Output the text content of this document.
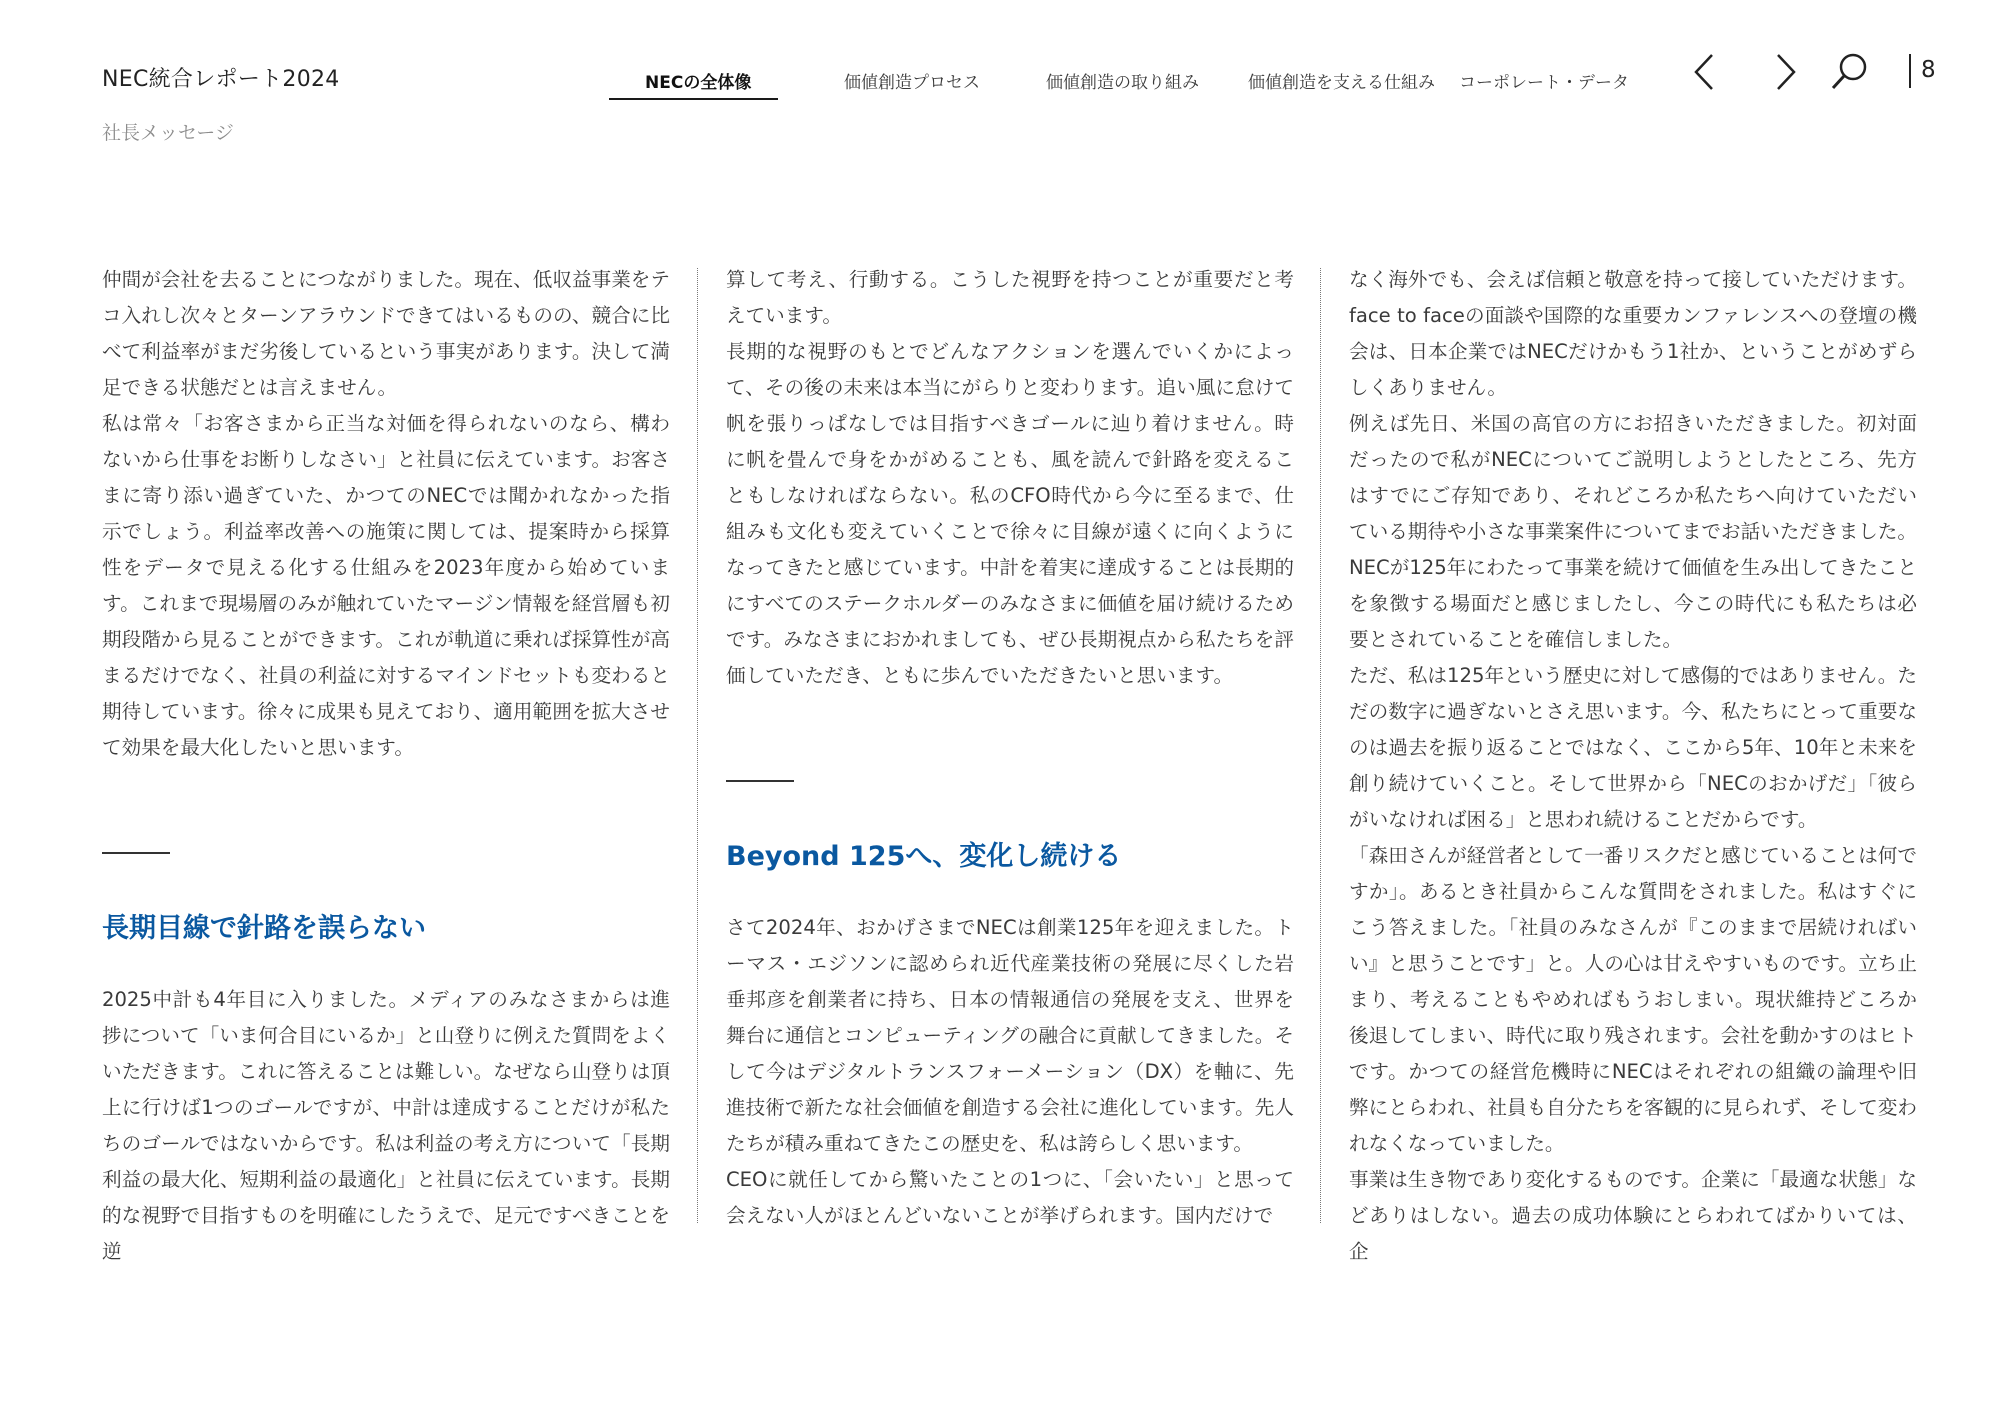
NEC統合レポート2024
社長メッセージ
NECの全体像	価値創造プロセス	価値創造の取り組み	価値創造を支える仕組み コーポレート・データ	8

仲間が会社を去ることにつながりました。現在、低収益事業をテコ入れし次々とターンアラウンドできてはいるものの、競合に比べて利益率がまだ劣後しているという事実があります。決して満足できる状態だとは言えません。

私は常々「お客さまから正当な対価を得られないのなら、構わないから仕事をお断りしなさい」と社員に伝えています。お客さまに寄り添い過ぎていた、かつてのNECでは聞かれなかった指示でしょう。利益率改善への施策に関しては、提案時から採算性をデータで見える化する仕組みを2023年度から始めています。これまで現場層のみが触れていたマージン情報を経営層も初期段階から見ることができます。これが軌道に乗れば採算性が高まるだけでなく、社員の利益に対するマインドセットも変わると期待しています。徐々に成果も見えており、適用範囲を拡大させて効果を最大化したいと思います。

長期目線で針路を誤らない

2025中計も4年目に入りました。メディアのみなさまからは進捗について「いま何合目にいるか」と山登りに例えた質問をよくいただきます。これに答えることは難しい。なぜなら山登りは頂上に行けば1つのゴールですが、中計は達成することだけが私たちのゴールではないからです。私は利益の考え方について「長期利益の最大化、短期利益の最適化」と社員に伝えています。長期的な視野で目指すものを明確にしたうえで、足元ですべきことを逆

算して考え、行動する。こうした視野を持つことが重要だと考えています。

長期的な視野のもとでどんなアクションを選んでいくかによって、その後の未来は本当にがらりと変わります。追い風に怠けて帆を張りっぱなしでは目指すべきゴールに辿り着けません。時に帆を畳んで身をかがめることも、風を読んで針路を変えることもしなければならない。私のCFO時代から今に至るまで、仕組みも文化も変えていくことで徐々に目線が遠くに向くようになってきたと感じています。中計を着実に達成することは長期的にすべてのステークホルダーのみなさまに価値を届け続けるためです。みなさまにおかれましても、ぜひ長期視点から私たちを評価していただき、ともに歩んでいただきたいと思います。

Beyond 125へ、変化し続ける

さて2024年、おかげさまでNECは創業125年を迎えました。トーマス・エジソンに認められ近代産業技術の発展に尽くした岩垂邦彦を創業者に持ち、日本の情報通信の発展を支え、世界を舞台に通信とコンピューティングの融合に貢献してきました。そして今はデジタルトランスフォーメーション（DX）を軸に、先進技術で新たな社会価値を創造する会社に進化しています。先人たちが積み重ねてきたこの歴史を、私は誇らしく思います。

CEOに就任してから驚いたことの1つに、「会いたい」と思って会えない人がほとんどいないことが挙げられます。国内だけで

なく海外でも、会えば信頼と敬意を持って接していただけます。face to faceの面談や国際的な重要カンファレンスへの登壇の機会は、日本企業ではNECだけかもう1社か、ということがめずらしくありません。

例えば先日、米国の高官の方にお招きいただきました。初対面だったので私がNECについてご説明しようとしたところ、先方はすでにご存知であり、それどころか私たちへ向けていただいている期待や小さな事業案件についてまでお話いただきました。NECが125年にわたって事業を続けて価値を生み出してきたことを象徴する場面だと感じましたし、今この時代にも私たちは必要とされていることを確信しました。

ただ、私は125年という歴史に対して感傷的ではありません。ただの数字に過ぎないとさえ思います。今、私たちにとって重要なのは過去を振り返ることではなく、ここから5年、10年と未来を創り続けていくこと。そして世界から「NECのおかげだ」「彼らがいなければ困る」と思われ続けることだからです。

「森田さんが経営者として一番リスクだと感じていることは何ですか」。あるとき社員からこんな質問をされました。私はすぐにこう答えました。「社員のみなさんが『このままで居続ければいい』と思うことです」と。人の心は甘えやすいものです。立ち止まり、考えることもやめればもうおしまい。現状維持どころか後退してしまい、時代に取り残されます。会社を動かすのはヒトです。かつての経営危機時にNECはそれぞれの組織の論理や旧弊にとらわれ、社員も自分たちを客観的に見られず、そして変われなくなっていました。

事業は生き物であり変化するものです。企業に「最適な状態」などありはしない。過去の成功体験にとらわれてばかりいては、企
